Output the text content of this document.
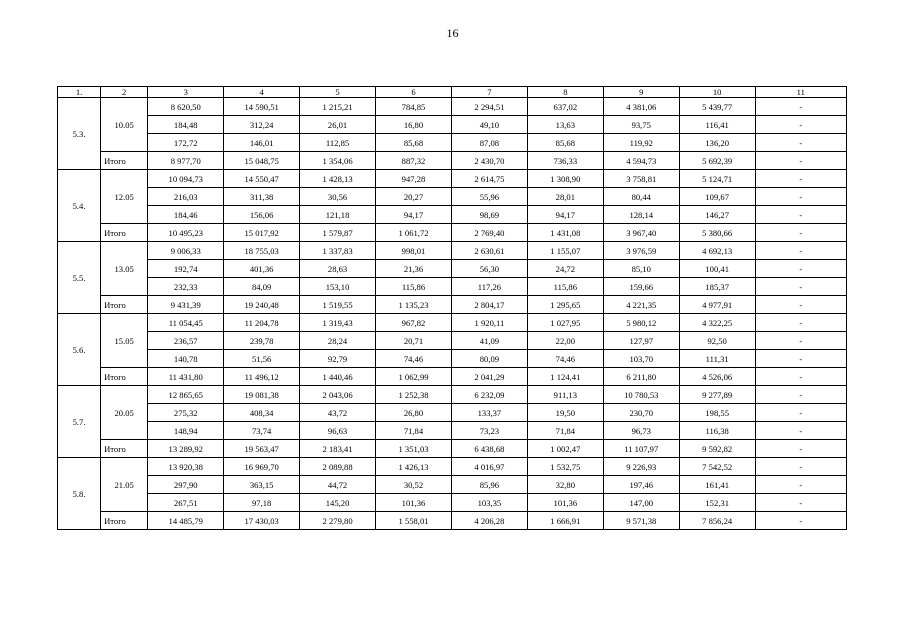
16
1.	2	3	4	5	6	7	8	9	10	11
5.3.	10.05	8 620,50	14 590,51	1 215,21	784,85	2 294,51	637,02	4 381,06	5 439,77	-
		184,48	312,24	26,01	16,80	49,10	13,63	93,75	116,41	-
		172,72	146,01	112,85	85,68	87,08	85,68	119,92	136,20	-
	Итого	8 977,70	15 048,75	1 354,06	887,32	2 430,70	736,33	4 594,73	5 692,39	-
5.4.	12.05	10 094,73	14 550,47	1 428,13	947,28	2 614,75	1 308,90	3 758,81	5 124,71	-
		216,03	311,38	30,56	20,27	55,96	28,01	80,44	109,67	-
		184,46	156,06	121,18	94,17	98,69	94,17	128,14	146,27	-
	Итого	10 495,23	15 017,92	1 579,87	1 061,72	2 769,40	1 431,08	3 967,40	5 380,66	-
5.5.	13.05	9 006,33	18 755,03	1 337,83	998,01	2 630,61	1 155,07	3 976,59	4 692,13	-
		192,74	401,36	28,63	21,36	56,30	24,72	85,10	100,41	-
		232,33	84,09	153,10	115,86	117,26	115,86	159,66	185,37	-
	Итого	9 431,39	19 240,48	1 519,55	1 135,23	2 804,17	1 295,65	4 221,35	4 977,91	-
5.6.	15.05	11 054,45	11 204,78	1 319,43	967,82	1 920,11	1 027,95	5 980,12	4 322,25	-
		236,57	239,78	28,24	20,71	41,09	22,00	127,97	92,50	-
		140,78	51,56	92,79	74,46	80,09	74,46	103,70	111,31	-
	Итого	11 431,80	11 496,12	1 440,46	1 062,99	2 041,29	1 124,41	6 211,80	4 526,06	-
5.7.	20.05	12 865,65	19 081,38	2 043,06	1 252,38	6 232,09	911,13	10 780,53	9 277,89	-
		275,32	408,34	43,72	26,80	133,37	19,50	230,70	198,55	-
		148,94	73,74	96,63	71,84	73,23	71,84	96,73	116,38	-
	Итого	13 289,92	19 563,47	2 183,41	1 351,03	6 438,68	1 002,47	11 107,97	9 592,82	-
5.8.	21.05	13 920,38	16 969,70	2 089,88	1 426,13	4 016,97	1 532,75	9 226,93	7 542,52	-
		297,90	363,15	44,72	30,52	85,96	32,80	197,46	161,41	-
		267,51	97,18	145,20	101,36	103,35	101,36	147,00	152,31	-
	Итого	14 485,79	17 430,03	2 279,80	1 558,01	4 206,28	1 666,91	9 571,38	7 856,24	-
